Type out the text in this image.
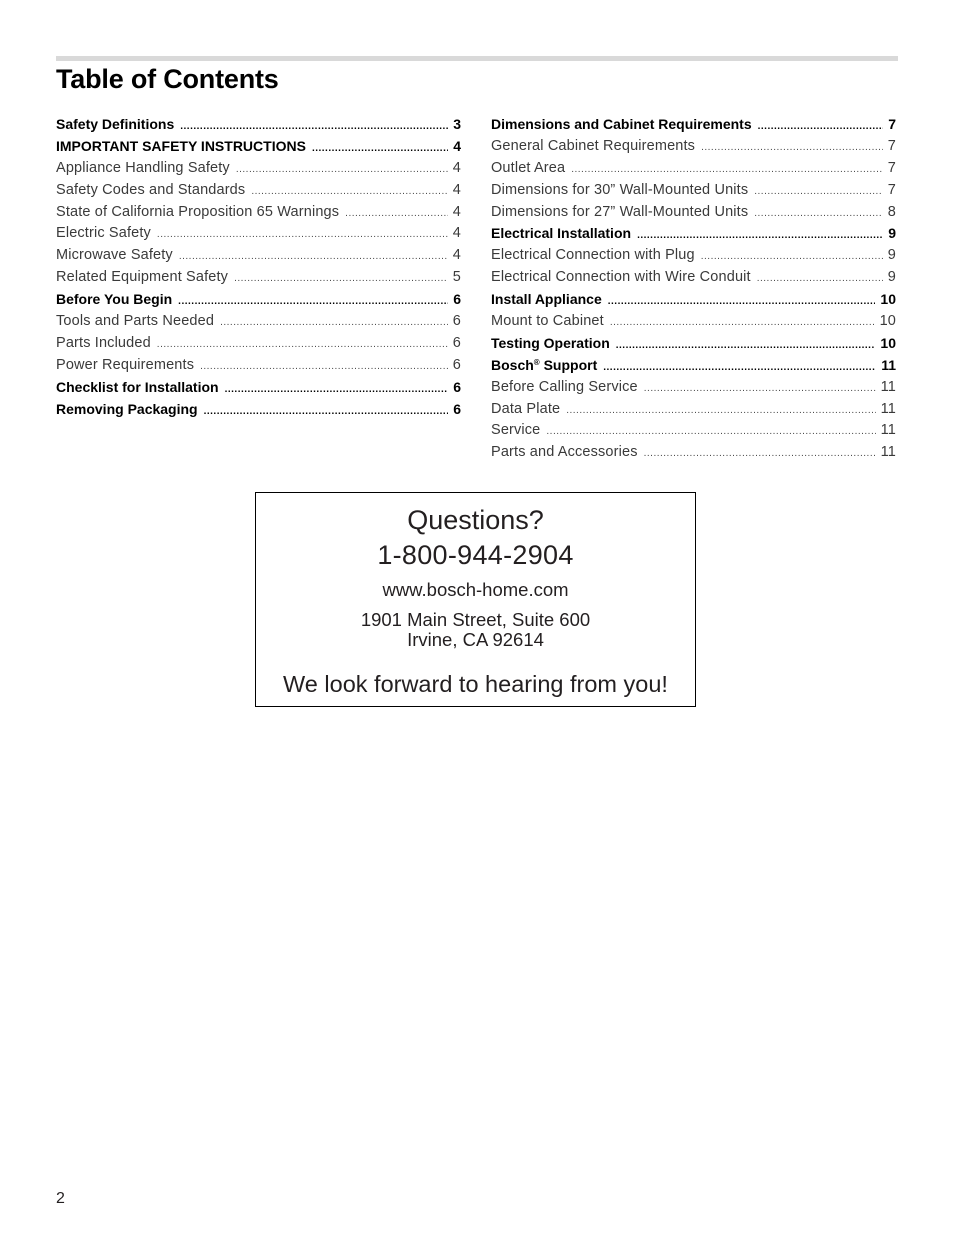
Table of Contents
Safety Definitions .....	3
IMPORTANT SAFETY INSTRUCTIONS .....	4
Appliance Handling Safety .....	4
Safety Codes and Standards .....	4
State of California Proposition 65 Warnings .....	4
Electric Safety .....	4
Microwave Safety .....	4
Related Equipment Safety .....	5
Before You Begin .....	6
Tools and Parts Needed .....	6
Parts Included .....	6
Power Requirements .....	6
Checklist for Installation .....	6
Removing Packaging .....	6
Dimensions and Cabinet Requirements .....	7
General Cabinet Requirements .....	7
Outlet Area .....	7
Dimensions for 30” Wall-Mounted Units .....	7
Dimensions for 27” Wall-Mounted Units .....	8
Electrical Installation .....	9
Electrical Connection with Plug .....	9
Electrical Connection with Wire Conduit .....	9
Install Appliance .....	10
Mount to Cabinet .....	10
Testing Operation .....	10
Bosch® Support .....	11
Before Calling Service .....	11
Data Plate .....	11
Service .....	11
Parts and Accessories .....	11
Questions?
1-800-944-2904
www.bosch-home.com
1901 Main Street, Suite 600
Irvine, CA 92614
We look forward to hearing from you!
2
